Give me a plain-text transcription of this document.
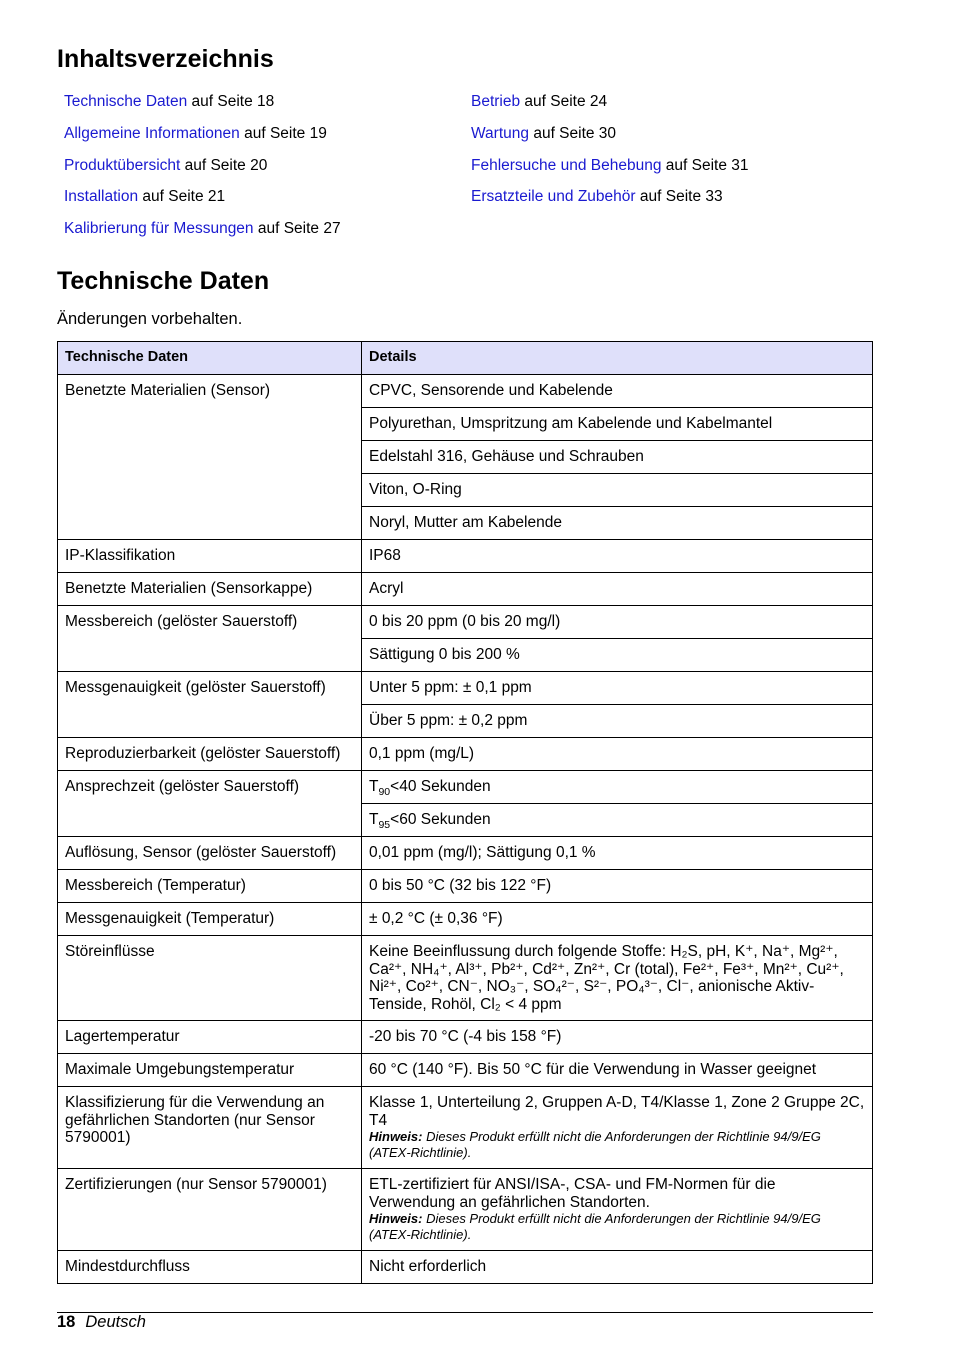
Inhaltsverzeichnis
Technische Daten auf Seite 18
Allgemeine Informationen auf Seite 19
Produktübersicht auf Seite 20
Installation auf Seite 21
Kalibrierung für Messungen auf Seite 27
Betrieb auf Seite 24
Wartung auf Seite 30
Fehlersuche und Behebung auf Seite 31
Ersatzteile und Zubehör auf Seite 33
Technische Daten
Änderungen vorbehalten.
Technische Daten	Details
Benetzte Materialien (Sensor)	CPVC, Sensorende und Kabelende
	Polyurethan, Umspritzung am Kabelende und Kabelmantel
	Edelstahl 316, Gehäuse und Schrauben
	Viton, O-Ring
	Noryl, Mutter am Kabelende
IP-Klassifikation	IP68
Benetzte Materialien (Sensorkappe)	Acryl
Messbereich (gelöster Sauerstoff)	0 bis 20 ppm (0 bis 20 mg/l)
	Sättigung 0 bis 200 %
Messgenauigkeit (gelöster Sauerstoff)	Unter 5 ppm: ± 0,1 ppm
	Über 5 ppm: ± 0,2 ppm
Reproduzierbarkeit (gelöster Sauerstoff)	0,1 ppm (mg/L)
Ansprechzeit (gelöster Sauerstoff)	$T_{90}<40$ Sekunden
	$T_{95}<60$ Sekunden
Auflösung, Sensor (gelöster Sauerstoff)	0,01 ppm (mg/l); Sättigung 0,1 %
Messbereich (Temperatur)	0 bis 50 °C (32 bis 122 °F)
Messgenauigkeit (Temperatur)	± 0,2 °C (± 0,36 °F)
Störeinflüsse	Keine Beeinflussung durch folgende Stoffe: H₂S, pH, K⁺, Na⁺, Mg²⁺, Ca²⁺, NH₄⁺, Al³⁺, Pb²⁺, Cd²⁺, Zn²⁺, Cr (total), Fe²⁺, Fe³⁺, Mn²⁺, Cu²⁺, Ni²⁺, Co²⁺, CN⁻, NO₃⁻, SO₄²⁻, S²⁻, PO₄³⁻, Cl⁻, anionische Aktiv-Tenside, Rohöl, Cl₂ < 4 ppm
Lagertemperatur	-20 bis 70 °C (-4 bis 158 °F)
Maximale Umgebungstemperatur	60 °C (140 °F). Bis 50 °C für die Verwendung in Wasser geeignet
Klassifizierung für die Verwendung an gefährlichen Standorten (nur Sensor 5790001)	Klasse 1, Unterteilung 2, Gruppen A-D, T4/Klasse 1, Zone 2 Gruppe 2C, T4
Hinweis: Dieses Produkt erfüllt nicht die Anforderungen der Richtlinie 94/9/EG (ATEX-Richtlinie).

Zertifizierungen (nur Sensor 5790001)	ETL-zertifiziert für ANSI/ISA-, CSA- und FM-Normen für die Verwendung an gefährlichen Standorten.
Hinweis: Dieses Produkt erfüllt nicht die Anforderungen der Richtlinie 94/9/EG (ATEX-Richtlinie).

Mindestdurchfluss	Nicht erforderlich
18 Deutsch
